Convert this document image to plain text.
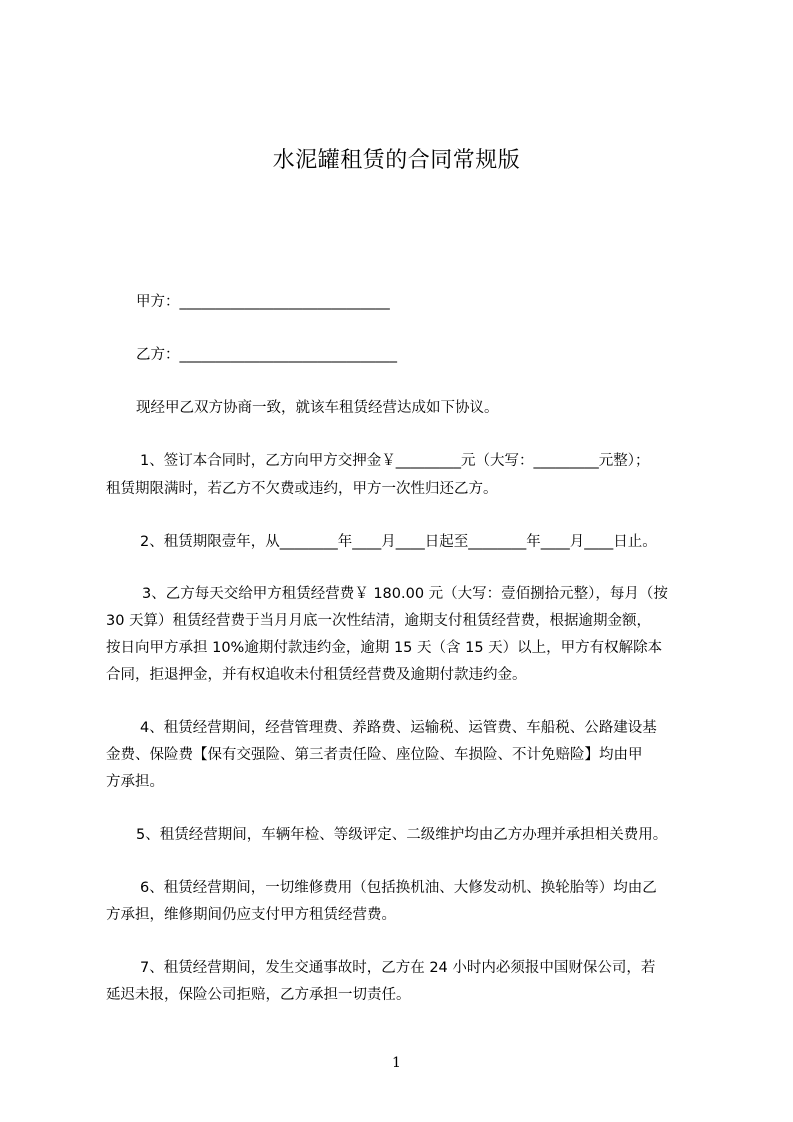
水泥罐租赁的合同常规版
甲方：_____________________________
乙方：______________________________
现经甲乙双方协商一致，就该车租赁经营达成如下协议。
1、签订本合同时，乙方向甲方交押金￥_________元（大写：_________元整）；
租赁期限满时，若乙方不欠费或违约，甲方一次性归还乙方。
2、租赁期限壹年，从________年____月____日起至________年____月____日止。
3、乙方每天交给甲方租赁经营费￥ 180.00 元（大写：壹佰捌拾元整），每月（按
30 天算）租赁经营费于当月月底一次性结清，逾期支付租赁经营费，根据逾期金额，
按日向甲方承担 10%逾期付款违约金，逾期 15 天（含 15 天）以上，甲方有权解除本
合同，拒退押金，并有权追收未付租赁经营费及逾期付款违约金。
4、租赁经营期间，经营管理费、养路费、运输税、运管费、车船税、公路建设基
金费、保险费【保有交强险、第三者责任险、座位险、车损险、不计免赔险】均由甲
方承担。
5、租赁经营期间，车辆年检、等级评定、二级维护均由乙方办理并承担相关费用。
6、租赁经营期间，一切维修费用（包括换机油、大修发动机、换轮胎等）均由乙
方承担，维修期间仍应支付甲方租赁经营费。
7、租赁经营期间，发生交通事故时，乙方在 24 小时内必须报中国财保公司，若
延迟未报，保险公司拒赔，乙方承担一切责任。
1
